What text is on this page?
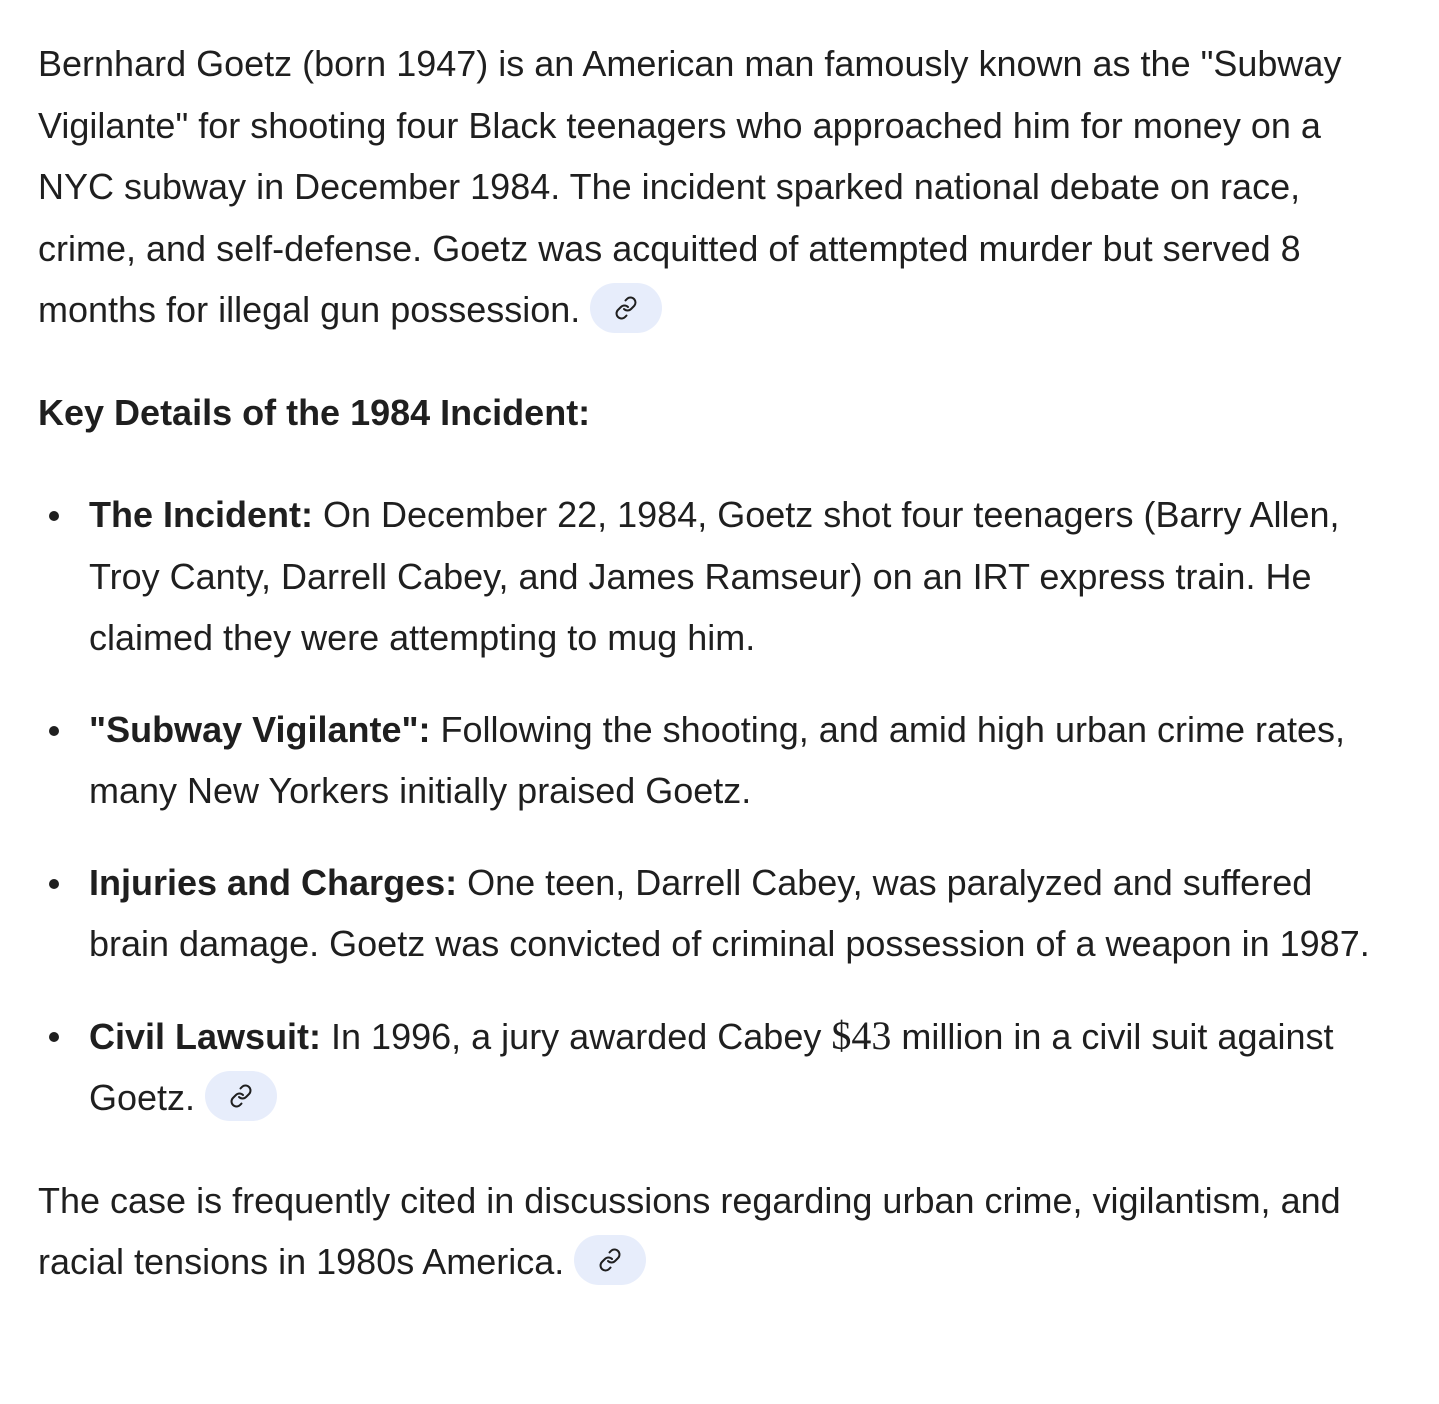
Bernhard Goetz (born 1947) is an American man famously known as the "Subway Vigilante" for shooting four Black teenagers who approached him for money on a NYC subway in December 1984. The incident sparked national debate on race, crime, and self-defense. Goetz was acquitted of attempted murder but served 8 months for illegal gun possession.

Key Details of the 1984 Incident:

The Incident: On December 22, 1984, Goetz shot four teenagers (Barry Allen, Troy Canty, Darrell Cabey, and James Ramseur) on an IRT express train. He claimed they were attempting to mug him.
"Subway Vigilante": Following the shooting, and amid high urban crime rates, many New Yorkers initially praised Goetz.
Injuries and Charges: One teen, Darrell Cabey, was paralyzed and suffered brain damage. Goetz was convicted of criminal possession of a weapon in 1987.
Civil Lawsuit: In 1996, a jury awarded Cabey $43 million in a civil suit against Goetz.

The case is frequently cited in discussions regarding urban crime, vigilantism, and racial tensions in 1980s America.
